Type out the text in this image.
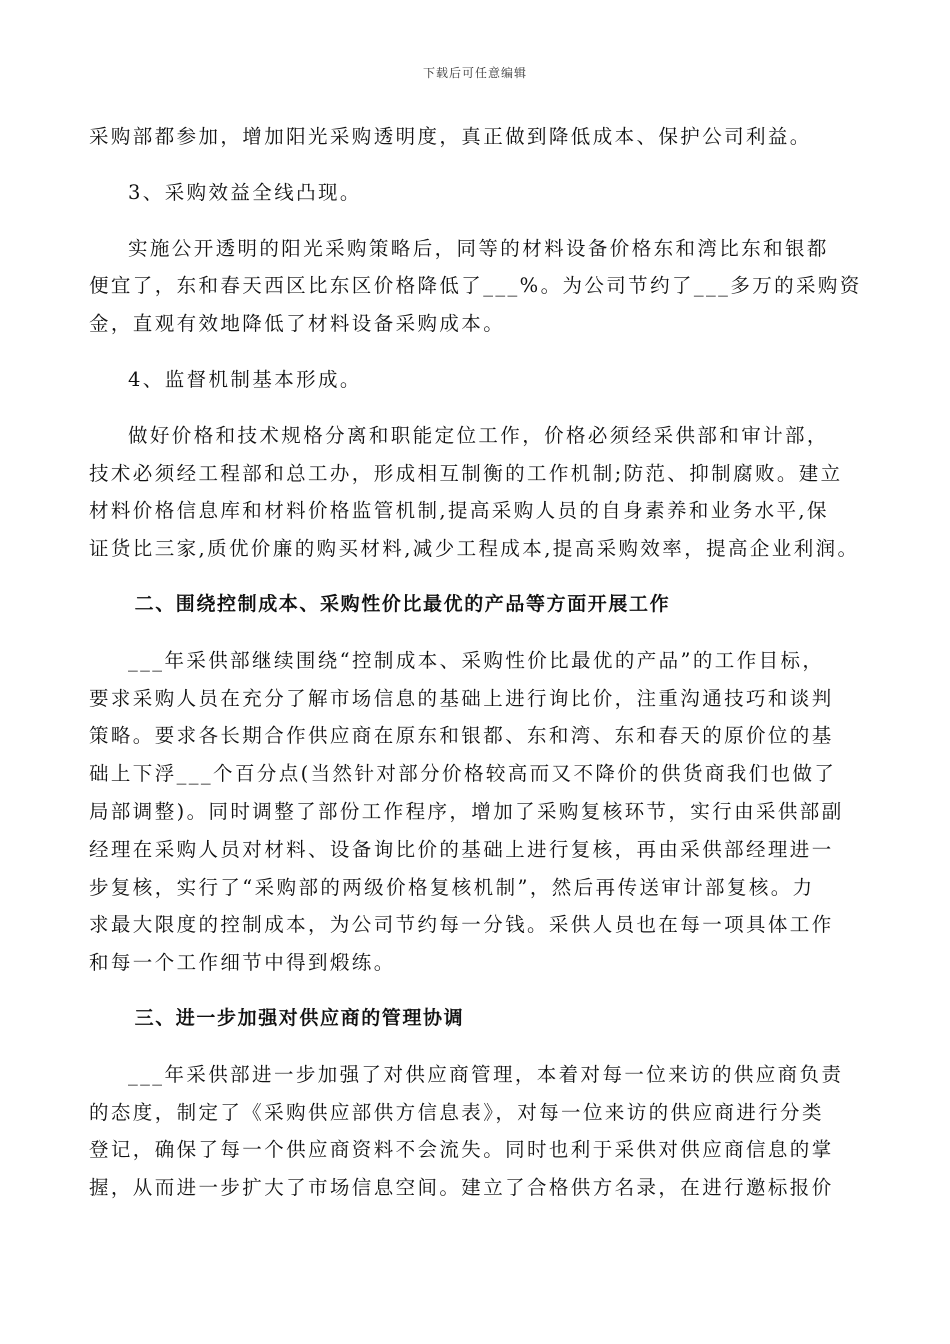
下载后可任意编辑

采购部都参加，增加阳光采购透明度，真正做到降低成本、保护公司利益。

3、采购效益全线凸现。

实施公开透明的阳光采购策略后，同等的材料设备价格东和湾比东和银都

便宜了，东和春天西区比东区价格降低了___%。为公司节约了___多万的采购资

金，直观有效地降低了材料设备采购成本。

4、监督机制基本形成。

做好价格和技术规格分离和职能定位工作，价格必须经采供部和审计部，

技术必须经工程部和总工办，形成相互制衡的工作机制;防范、抑制腐败。建立

材料价格信息库和材料价格监管机制,提高采购人员的自身素养和业务水平,保

证货比三家,质优价廉的购买材料,减少工程成本,提高采购效率，提高企业利润。

二、围绕控制成本、采购性价比最优的产品等方面开展工作

___年采供部继续围绕“控制成本、采购性价比最优的产品”的工作目标，

要求采购人员在充分了解市场信息的基础上进行询比价，注重沟通技巧和谈判

策略。要求各长期合作供应商在原东和银都、东和湾、东和春天的原价位的基

础上下浮___个百分点(当然针对部分价格较高而又不降价的供货商我们也做了

局部调整)。同时调整了部份工作程序，增加了采购复核环节，实行由采供部副

经理在采购人员对材料、设备询比价的基础上进行复核，再由采供部经理进一

步复核，实行了“采购部的两级价格复核机制”，然后再传送审计部复核。力

求最大限度的控制成本，为公司节约每一分钱。采供人员也在每一项具体工作

和每一个工作细节中得到煅练。

三、进一步加强对供应商的管理协调

___年采供部进一步加强了对供应商管理，本着对每一位来访的供应商负责

的态度，制定了《采购供应部供方信息表》，对每一位来访的供应商进行分类

登记，确保了每一个供应商资料不会流失。同时也利于采供对供应商信息的掌

握，从而进一步扩大了市场信息空间。建立了合格供方名录，在进行邀标报价
